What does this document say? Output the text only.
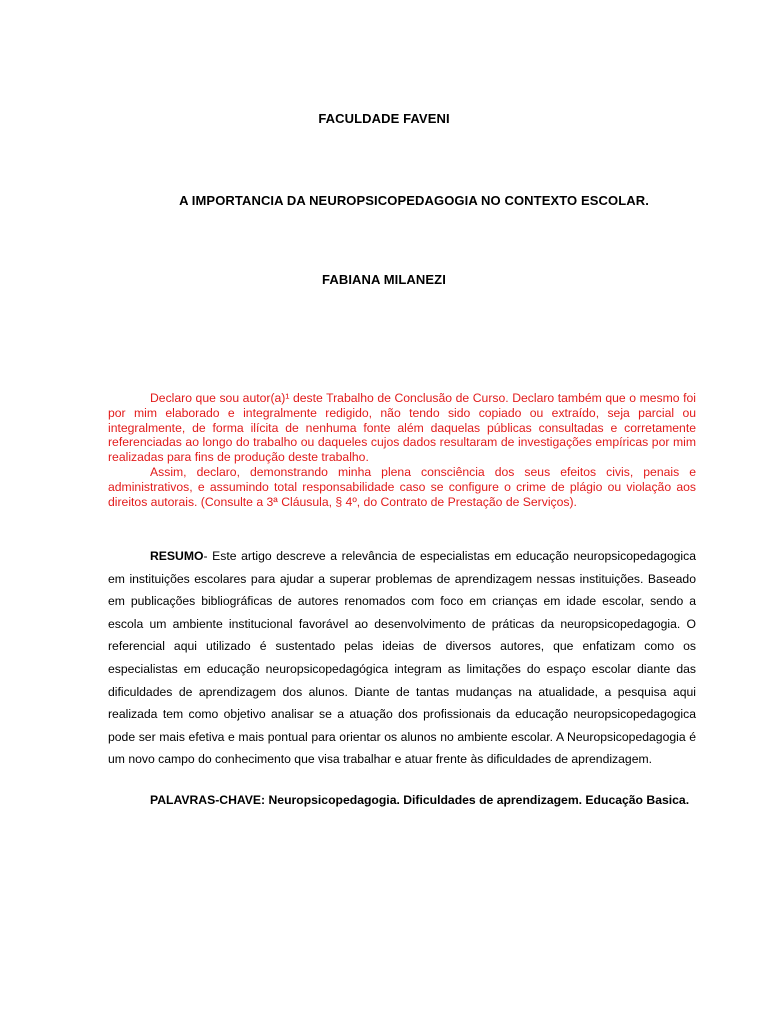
FACULDADE FAVENI
A IMPORTANCIA DA NEUROPSICOPEDAGOGIA NO CONTEXTO ESCOLAR.
FABIANA MILANEZI

Declaro que sou autor(a)¹ deste Trabalho de Conclusão de Curso. Declaro também que o mesmo foi por mim elaborado e integralmente redigido, não tendo sido copiado ou extraído, seja parcial ou integralmente, de forma ilícita de nenhuma fonte além daquelas públicas consultadas e corretamente referenciadas ao longo do trabalho ou daqueles cujos dados resultaram de investigações empíricas por mim realizadas para fins de produção deste trabalho.

Assim, declaro, demonstrando minha plena consciência dos seus efeitos civis, penais e administrativos, e assumindo total responsabilidade caso se configure o crime de plágio ou violação aos direitos autorais. (Consulte a 3ª Cláusula, § 4º, do Contrato de Prestação de Serviços).

RESUMO- Este artigo descreve a relevância de especialistas em educação neuropsicopedagogica em instituições escolares para ajudar a superar problemas de aprendizagem nessas instituições. Baseado em publicações bibliográficas de autores renomados com foco em crianças em idade escolar, sendo a escola um ambiente institucional favorável ao desenvolvimento de práticas da neuropsicopedagogia. O referencial aqui utilizado é sustentado pelas ideias de diversos autores, que enfatizam como os especialistas em educação neuropsicopedagógica integram as limitações do espaço escolar diante das dificuldades de aprendizagem dos alunos. Diante de tantas mudanças na atualidade, a pesquisa aqui realizada tem como objetivo analisar se a atuação dos profissionais da educação neuropsicopedagogica pode ser mais efetiva e mais pontual para orientar os alunos no ambiente escolar. A Neuropsicopedagogia é um novo campo do conhecimento que visa trabalhar e atuar frente às dificuldades de aprendizagem.

PALAVRAS-CHAVE: Neuropsicopedagogia. Dificuldades de aprendizagem. Educação Basica.
